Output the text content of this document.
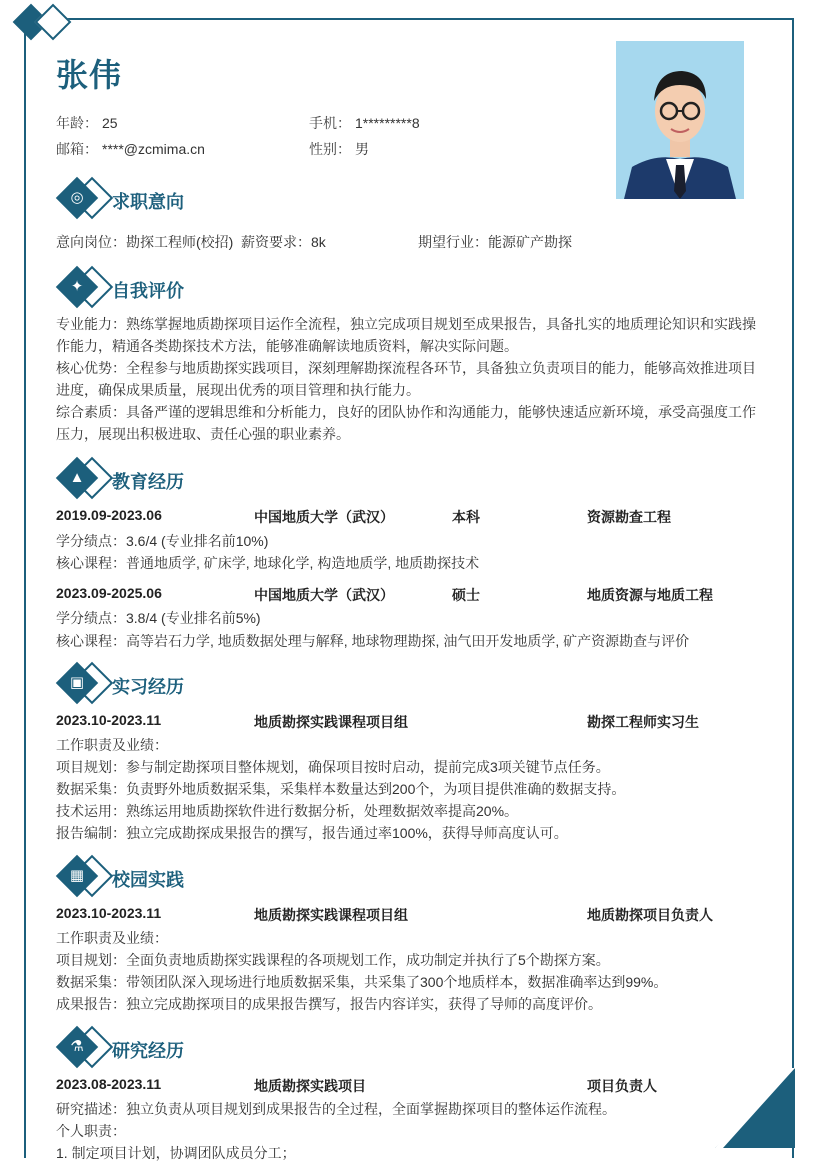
张伟
年龄： 25	手机： 1*********8
邮箱： ****@zcmima.cn	性别： 男
◎	求职意向
意向岗位：勘探工程师(校招) 薪资要求：8k	期望行业：能源矿产勘探
✦	自我评价

专业能力：熟练掌握地质勘探项目运作全流程，独立完成项目规划至成果报告，具备扎实的地质理论知识和实践操作能力，精通各类勘探技术方法，能够准确解读地质资料，解决实际问题。

核心优势：全程参与地质勘探实践项目，深刻理解勘探流程各环节，具备独立负责项目的能力，能够高效推进项目进度，确保成果质量，展现出优秀的项目管理和执行能力。

综合素质：具备严谨的逻辑思维和分析能力，良好的团队协作和沟通能力，能够快速适应新环境，承受高强度工作压力，展现出积极进取、责任心强的职业素养。

▲ 教育经历
2019.09-2023.06	中国地质大学（武汉）	本科	资源勘查工程
学分绩点：3.6/4 (专业排名前10%)
核心课程：普通地质学, 矿床学, 地球化学, 构造地质学, 地质勘探技术
2023.09-2025.06	中国地质大学（武汉）	硕士	地质资源与地质工程
学分绩点：3.8/4 (专业排名前5%)
核心课程：高等岩石力学, 地质数据处理与解释, 地球物理勘探, 油气田开发地质学, 矿产资源勘查与评价
▣ 实习经历
2023.10-2023.11	地质勘探实践课程项目组	勘探工程师实习生

工作职责及业绩：

项目规划：参与制定勘探项目整体规划，确保项目按时启动，提前完成3项关键节点任务。

数据采集：负责野外地质数据采集，采集样本数量达到200个，为项目提供准确的数据支持。

技术运用：熟练运用地质勘探软件进行数据分析，处理数据效率提高20%。

报告编制：独立完成勘探成果报告的撰写，报告通过率100%，获得导师高度认可。

▦ 校园实践
2023.10-2023.11	地质勘探实践课程项目组	地质勘探项目负责人

工作职责及业绩：

项目规划：全面负责地质勘探实践课程的各项规划工作，成功制定并执行了5个勘探方案。

数据采集：带领团队深入现场进行地质数据采集，共采集了300个地质样本，数据准确率达到99%。

成果报告：独立完成勘探项目的成果报告撰写，报告内容详实，获得了导师的高度评价。

⚗ 研究经历
2023.08-2023.11	地质勘探实践项目	项目负责人

研究描述：独立负责从项目规划到成果报告的全过程，全面掌握勘探项目的整体运作流程。

个人职责：

1. 制定项目计划，协调团队成员分工；
